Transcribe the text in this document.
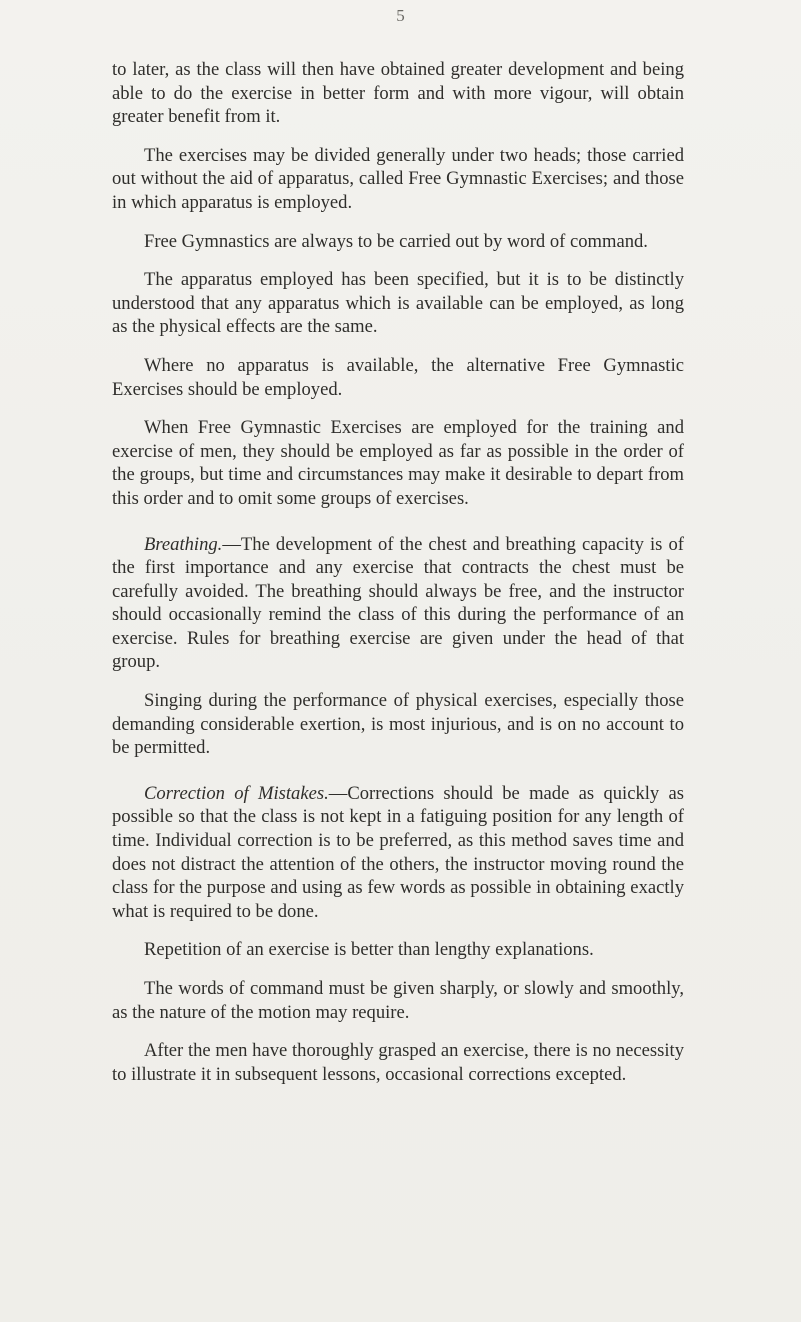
5

to later, as the class will then have obtained greater development and being able to do the exercise in better form and with more vigour, will obtain greater benefit from it.

The exercises may be divided generally under two heads; those carried out without the aid of apparatus, called Free Gymnastic Exercises; and those in which apparatus is employed.

Free Gymnastics are always to be carried out by word of command.

The apparatus employed has been specified, but it is to be distinctly understood that any apparatus which is available can be employed, as long as the physical effects are the same.

Where no apparatus is available, the alternative Free Gymnastic Exercises should be employed.

When Free Gymnastic Exercises are employed for the training and exercise of men, they should be employed as far as possible in the order of the groups, but time and circumstances may make it desirable to depart from this order and to omit some groups of exercises.

Breathing.—The development of the chest and breathing capacity is of the first importance and any exercise that contracts the chest must be carefully avoided. The breathing should always be free, and the instructor should occasionally remind the class of this during the performance of an exercise. Rules for breathing exercise are given under the head of that group.

Singing during the performance of physical exercises, especially those demanding considerable exertion, is most injurious, and is on no account to be permitted.

Correction of Mistakes.—Corrections should be made as quickly as possible so that the class is not kept in a fatiguing position for any length of time. Individual correction is to be preferred, as this method saves time and does not distract the attention of the others, the instructor moving round the class for the purpose and using as few words as possible in obtaining exactly what is required to be done.

Repetition of an exercise is better than lengthy explanations.

The words of command must be given sharply, or slowly and smoothly, as the nature of the motion may require.

After the men have thoroughly grasped an exercise, there is no necessity to illustrate it in subsequent lessons, occasional corrections excepted.
